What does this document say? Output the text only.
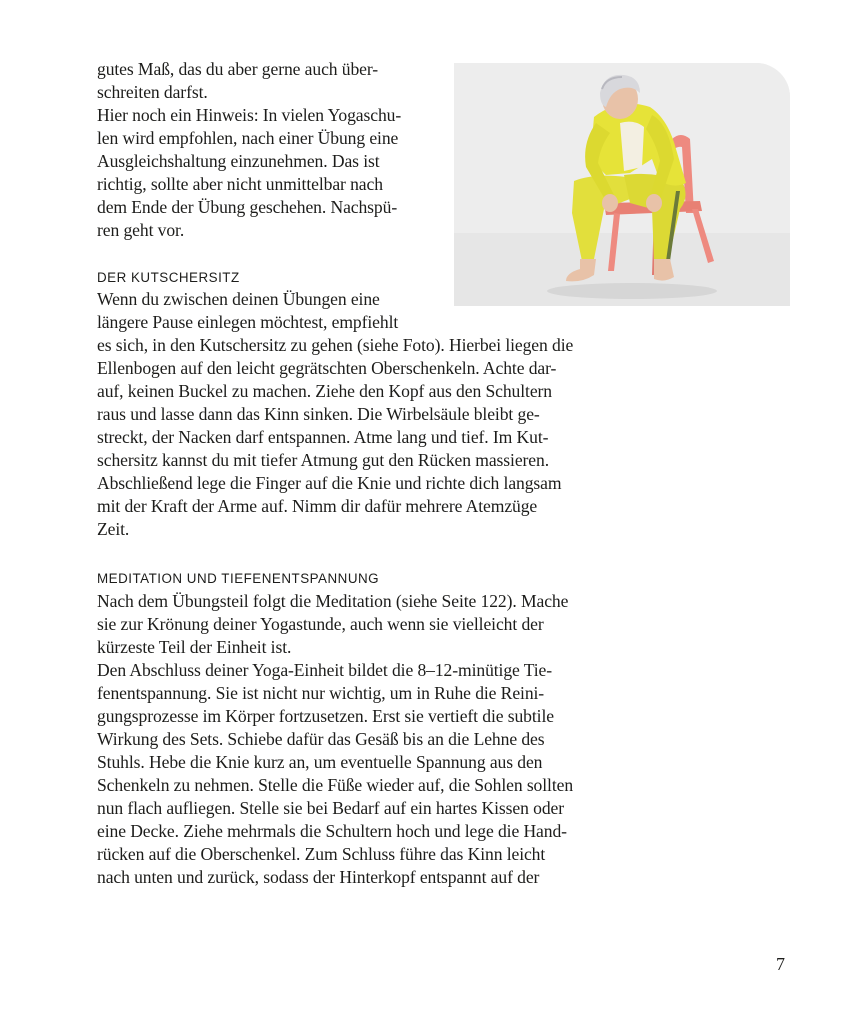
gutes Maß, das du aber gerne auch über-
schreiten darfst.
Hier noch ein Hinweis: In vielen Yogaschu-
len wird empfohlen, nach einer Übung eine
Ausgleichshaltung einzunehmen. Das ist
richtig, sollte aber nicht unmittelbar nach
dem Ende der Übung geschehen. Nachspü-
ren geht vor.
DER KUTSCHERSITZ
Wenn du zwischen deinen Übungen eine
längere Pause einlegen möchtest, empfiehlt
es sich, in den Kutschersitz zu gehen (siehe Foto). Hierbei liegen die
Ellenbogen auf den leicht gegrätschten Oberschenkeln. Achte dar-
auf, keinen Buckel zu machen. Ziehe den Kopf aus den Schultern
raus und lasse dann das Kinn sinken. Die Wirbelsäule bleibt ge-
streckt, der Nacken darf entspannen. Atme lang und tief. Im Kut-
schersitz kannst du mit tiefer Atmung gut den Rücken massieren.
Abschließend lege die Finger auf die Knie und richte dich langsam
mit der Kraft der Arme auf. Nimm dir dafür mehrere Atemzüge
Zeit.
MEDITATION UND TIEFENENTSPANNUNG
Nach dem Übungsteil folgt die Meditation (siehe Seite 122). Mache
sie zur Krönung deiner Yogastunde, auch wenn sie vielleicht der
kürzeste Teil der Einheit ist.
Den Abschluss deiner Yoga-Einheit bildet die 8–12-minütige Tie-
fenentspannung. Sie ist nicht nur wichtig, um in Ruhe die Reini-
gungsprozesse im Körper fortzusetzen. Erst sie vertieft die subtile
Wirkung des Sets. Schiebe dafür das Gesäß bis an die Lehne des
Stuhls. Hebe die Knie kurz an, um eventuelle Spannung aus den
Schenkeln zu nehmen. Stelle die Füße wieder auf, die Sohlen sollten
nun flach aufliegen. Stelle sie bei Bedarf auf ein hartes Kissen oder
eine Decke. Ziehe mehrmals die Schultern hoch und lege die Hand-
rücken auf die Oberschenkel. Zum Schluss führe das Kinn leicht
nach unten und zurück, sodass der Hinterkopf entspannt auf der
7
